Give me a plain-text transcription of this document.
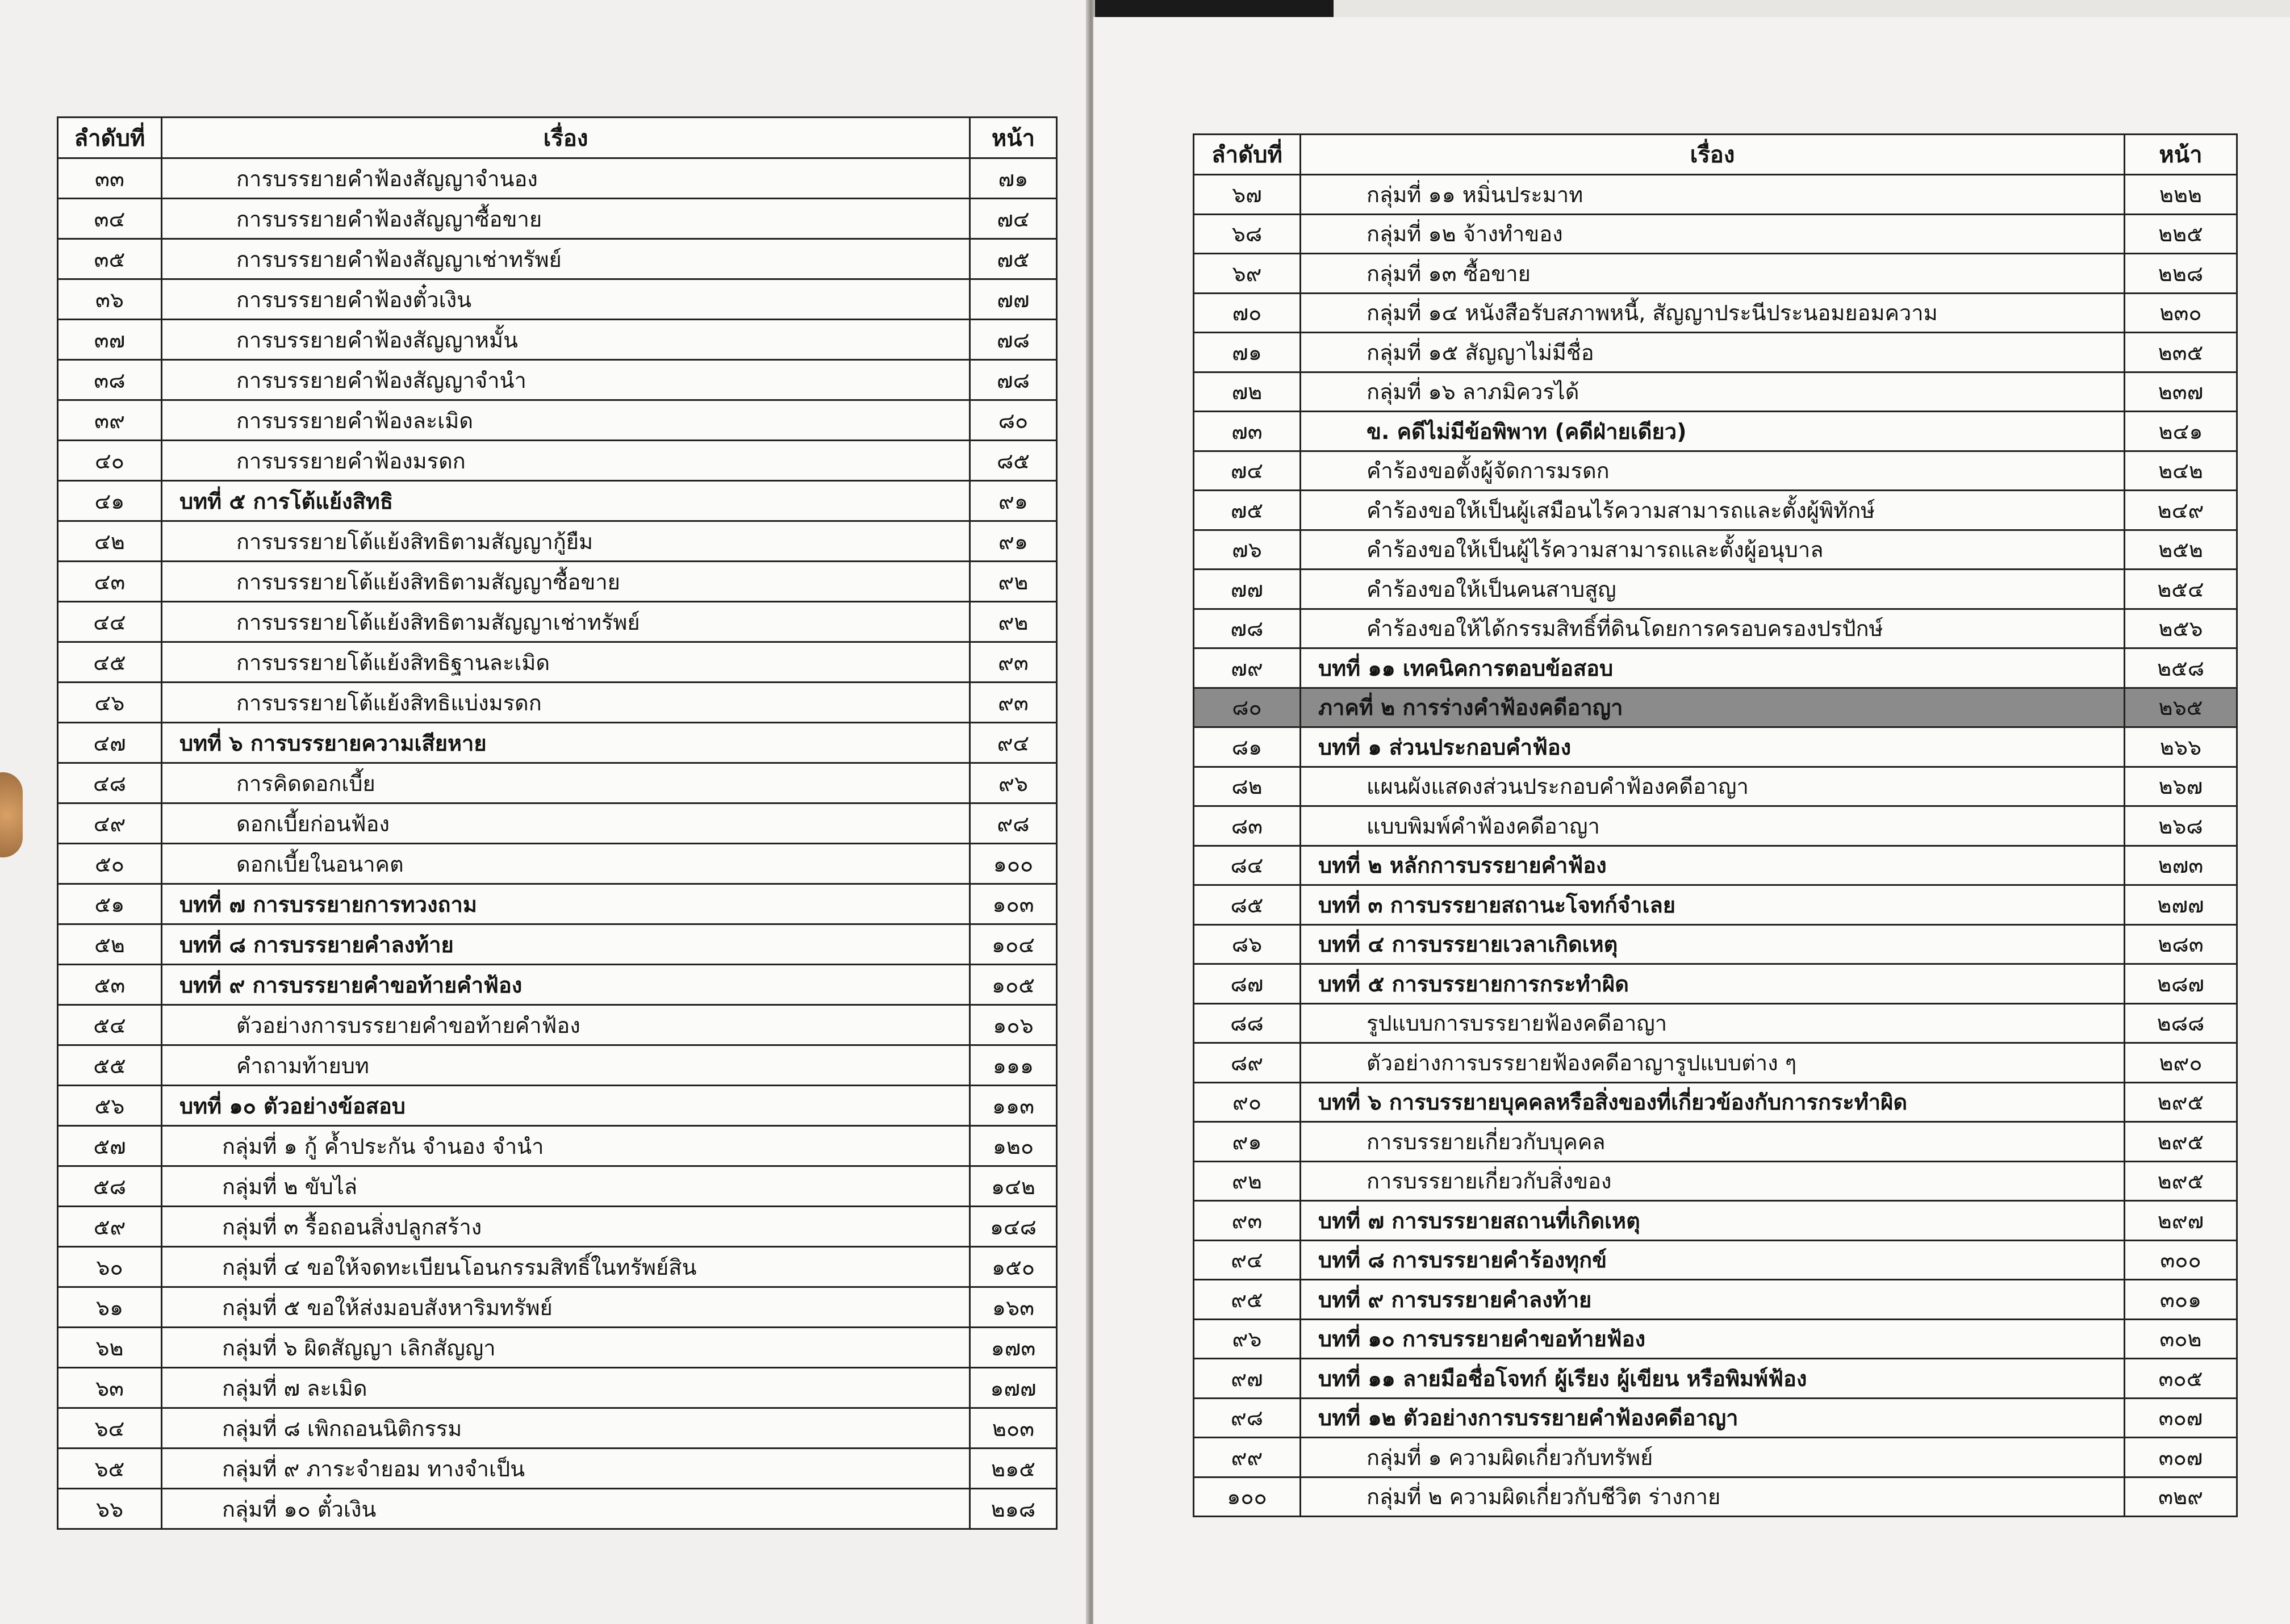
ลำดับที่	เรื่อง	หน้า
๓๓	การบรรยายคำฟ้องสัญญาจำนอง	๗๑
๓๔	การบรรยายคำฟ้องสัญญาซื้อขาย	๗๔
๓๕	การบรรยายคำฟ้องสัญญาเช่าทรัพย์	๗๕
๓๖	การบรรยายคำฟ้องตั๋วเงิน	๗๗
๓๗	การบรรยายคำฟ้องสัญญาหมั้น	๗๘
๓๘	การบรรยายคำฟ้องสัญญาจำนำ	๗๘
๓๙	การบรรยายคำฟ้องละเมิด	๘๐
๔๐	การบรรยายคำฟ้องมรดก	๘๕
๔๑	บทที่ ๕ การโต้แย้งสิทธิ	๙๑
๔๒	การบรรยายโต้แย้งสิทธิตามสัญญากู้ยืม	๙๑
๔๓	การบรรยายโต้แย้งสิทธิตามสัญญาซื้อขาย	๙๒
๔๔	การบรรยายโต้แย้งสิทธิตามสัญญาเช่าทรัพย์	๙๒
๔๕	การบรรยายโต้แย้งสิทธิฐานละเมิด	๙๓
๔๖	การบรรยายโต้แย้งสิทธิแบ่งมรดก	๙๓
๔๗	บทที่ ๖ การบรรยายความเสียหาย	๙๔
๔๘	การคิดดอกเบี้ย	๙๖
๔๙	ดอกเบี้ยก่อนฟ้อง	๙๘
๕๐	ดอกเบี้ยในอนาคต	๑๐๐
๕๑	บทที่ ๗ การบรรยายการทวงถาม	๑๐๓
๕๒	บทที่ ๘ การบรรยายคำลงท้าย	๑๐๔
๕๓	บทที่ ๙ การบรรยายคำขอท้ายคำฟ้อง	๑๐๕
๕๔	ตัวอย่างการบรรยายคำขอท้ายคำฟ้อง	๑๐๖
๕๕	คำถามท้ายบท	๑๑๑
๕๖	บทที่ ๑๐ ตัวอย่างข้อสอบ	๑๑๓
๕๗	กลุ่มที่ ๑ กู้ ค้ำประกัน จำนอง จำนำ	๑๒๐
๕๘	กลุ่มที่ ๒ ขับไล่	๑๔๒
๕๙	กลุ่มที่ ๓ รื้อถอนสิ่งปลูกสร้าง	๑๔๘
๖๐	กลุ่มที่ ๔ ขอให้จดทะเบียนโอนกรรมสิทธิ์ในทรัพย์สิน	๑๕๐
๖๑	กลุ่มที่ ๕ ขอให้ส่งมอบสังหาริมทรัพย์	๑๖๓
๖๒	กลุ่มที่ ๖ ผิดสัญญา เลิกสัญญา	๑๗๓
๖๓	กลุ่มที่ ๗ ละเมิด	๑๗๗
๖๔	กลุ่มที่ ๘ เพิกถอนนิติกรรม	๒๐๓
๖๕	กลุ่มที่ ๙ ภาระจำยอม ทางจำเป็น	๒๑๕
๖๖	กลุ่มที่ ๑๐ ตั๋วเงิน	๒๑๘
ลำดับที่	เรื่อง	หน้า
๖๗	กลุ่มที่ ๑๑ หมิ่นประมาท	๒๒๒
๖๘	กลุ่มที่ ๑๒ จ้างทำของ	๒๒๕
๖๙	กลุ่มที่ ๑๓ ซื้อขาย	๒๒๘
๗๐	กลุ่มที่ ๑๔ หนังสือรับสภาพหนี้, สัญญาประนีประนอมยอมความ	๒๓๐
๗๑	กลุ่มที่ ๑๕ สัญญาไม่มีชื่อ	๒๓๕
๗๒	กลุ่มที่ ๑๖ ลาภมิควรได้	๒๓๗
๗๓	ข. คดีไม่มีข้อพิพาท (คดีฝ่ายเดียว)	๒๔๑
๗๔	คำร้องขอตั้งผู้จัดการมรดก	๒๔๒
๗๕	คำร้องขอให้เป็นผู้เสมือนไร้ความสามารถและตั้งผู้พิทักษ์	๒๔๙
๗๖	คำร้องขอให้เป็นผู้ไร้ความสามารถและตั้งผู้อนุบาล	๒๕๒
๗๗	คำร้องขอให้เป็นคนสาบสูญ	๒๕๔
๗๘	คำร้องขอให้ได้กรรมสิทธิ์ที่ดินโดยการครอบครองปรปักษ์	๒๕๖
๗๙	บทที่ ๑๑ เทคนิคการตอบข้อสอบ	๒๕๘
๘๐	ภาคที่ ๒ การร่างคำฟ้องคดีอาญา	๒๖๕
๘๑	บทที่ ๑ ส่วนประกอบคำฟ้อง	๒๖๖
๘๒	แผนผังแสดงส่วนประกอบคำฟ้องคดีอาญา	๒๖๗
๘๓	แบบพิมพ์คำฟ้องคดีอาญา	๒๖๘
๘๔	บทที่ ๒ หลักการบรรยายคำฟ้อง	๒๗๓
๘๕	บทที่ ๓ การบรรยายสถานะโจทก์จำเลย	๒๗๗
๘๖	บทที่ ๔ การบรรยายเวลาเกิดเหตุ	๒๘๓
๘๗	บทที่ ๕ การบรรยายการกระทำผิด	๒๘๗
๘๘	รูปแบบการบรรยายฟ้องคดีอาญา	๒๘๘
๘๙	ตัวอย่างการบรรยายฟ้องคดีอาญารูปแบบต่าง ๆ	๒๙๐
๙๐	บทที่ ๖ การบรรยายบุคคลหรือสิ่งของที่เกี่ยวข้องกับการกระทำผิด	๒๙๕
๙๑	การบรรยายเกี่ยวกับบุคคล	๒๙๕
๙๒	การบรรยายเกี่ยวกับสิ่งของ	๒๙๕
๙๓	บทที่ ๗ การบรรยายสถานที่เกิดเหตุ	๒๙๗
๙๔	บทที่ ๘ การบรรยายคำร้องทุกข์	๓๐๐
๙๕	บทที่ ๙ การบรรยายคำลงท้าย	๓๐๑
๙๖	บทที่ ๑๐ การบรรยายคำขอท้ายฟ้อง	๓๐๒
๙๗	บทที่ ๑๑ ลายมือชื่อโจทก์ ผู้เรียง ผู้เขียน หรือพิมพ์ฟ้อง	๓๐๕
๙๘	บทที่ ๑๒ ตัวอย่างการบรรยายคำฟ้องคดีอาญา	๓๐๗
๙๙	กลุ่มที่ ๑ ความผิดเกี่ยวกับทรัพย์	๓๐๗
๑๐๐	กลุ่มที่ ๒ ความผิดเกี่ยวกับชีวิต ร่างกาย	๓๒๙
